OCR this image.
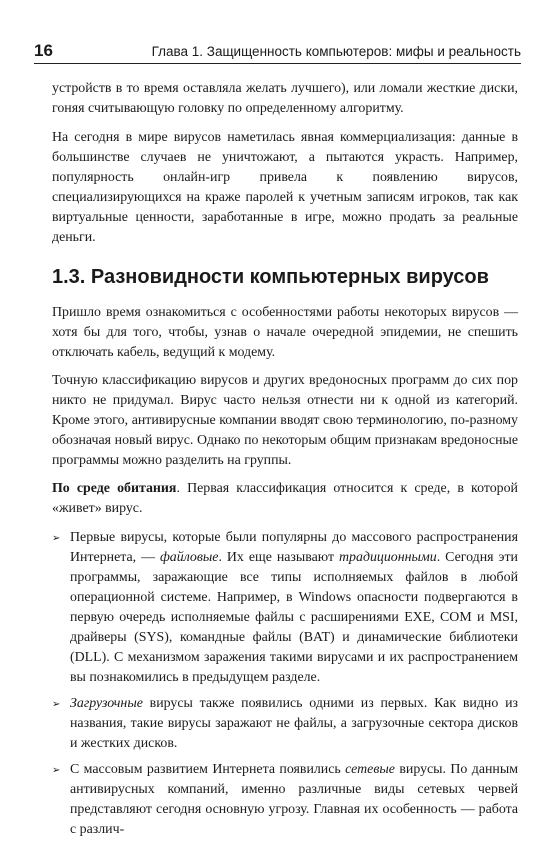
16	Глава 1. Защищенность компьютеров: мифы и реальность

устройств в то время оставляла желать лучшего), или ломали жесткие диски, гоняя считывающую головку по определенному алгоритму.

На сегодня в мире вирусов наметилась явная коммерциализация: данные в большинстве случаев не уничтожают, а пытаются украсть. Например, популярность онлайн-игр привела к появлению вирусов, специализирующихся на краже паролей к учетным записям игроков, так как виртуальные ценности, заработанные в игре, можно продать за реальные деньги.

1.3. Разновидности компьютерных вирусов

Пришло время ознакомиться с особенностями работы некоторых вирусов — хотя бы для того, чтобы, узнав о начале очередной эпидемии, не спешить отключать кабель, ведущий к модему.

Точную классификацию вирусов и других вредоносных программ до сих пор никто не придумал. Вирус часто нельзя отнести ни к одной из категорий. Кроме этого, антивирусные компании вводят свою терминологию, по-разному обозначая новый вирус. Однако по некоторым общим признакам вредоносные программы можно разделить на группы.

По среде обитания. Первая классификация относится к среде, в которой «живет» вирус.

➢ Первые вирусы, которые были популярны до массового распространения Интернета, — файловые. Их еще называют традиционными. Сегодня эти программы, заражающие все типы исполняемых файлов в любой операционной системе. Например, в Windows опасности подвергаются в первую очередь исполняемые файлы с расширениями EXE, COM и MSI, драйверы (SYS), командные файлы (BAT) и динамические библиотеки (DLL). С механизмом заражения такими вирусами и их распространением вы познакомились в предыдущем разделе.

➢ Загрузочные вирусы также появились одними из первых. Как видно из названия, такие вирусы заражают не файлы, а загрузочные сектора дисков и жестких дисков.

➢ С массовым развитием Интернета появились сетевые вирусы. По данным антивирусных компаний, именно различные виды сетевых червей представляют сегодня основную угрозу. Главная их особенность — работа с различ-
